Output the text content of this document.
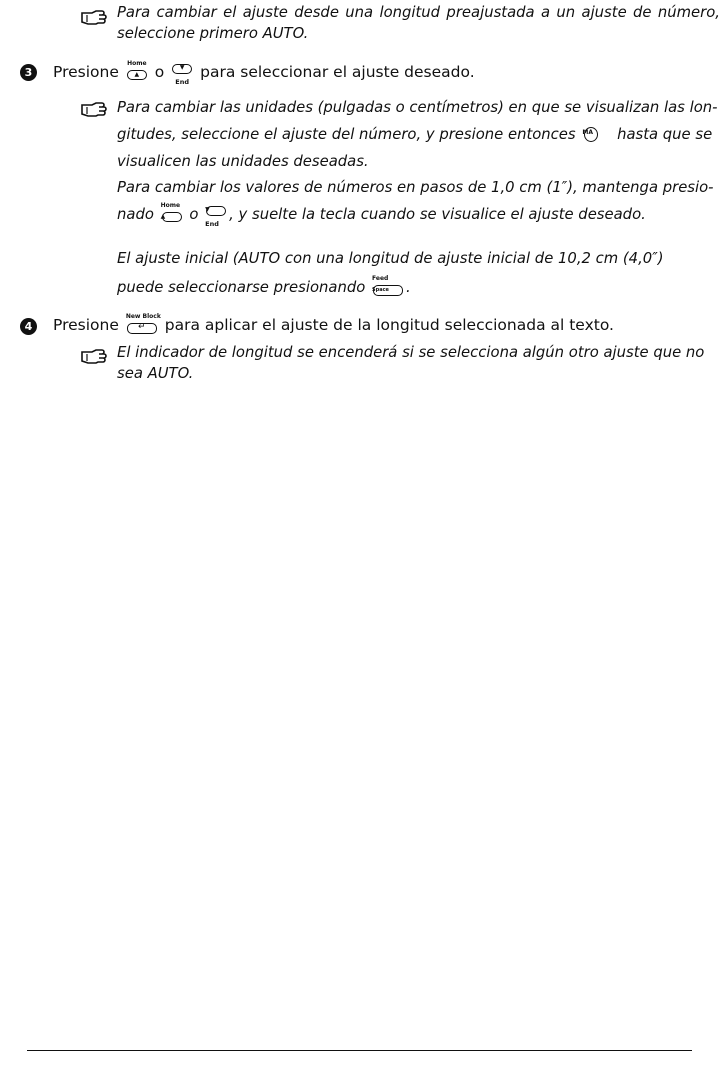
Para cambiar el ajuste desde una longitud preajustada a un ajuste de número, seleccione primero AUTO.
3	Presione Home
▲	o	▼
End
para seleccionar el ajuste deseado.
Para cambiar las unidades (pulgadas o centímetros) en que se visualizan las lon-
gitudes, seleccione el ajuste del número, y presione entonces MA	hasta que se
visualicen las unidades deseadas.
Para cambiar los valores de números en pasos de 1,0 cm (1″), mantenga presio-
nado
Home
▲	o ▼
End
, y suelte la tecla cuando se visualice el ajuste deseado.
El ajuste inicial (AUTO con una longitud de ajuste inicial de 10,2 cm (4,0″)
puede seleccionarse presionando
Feed
Space	.
4	Presione New Block
↵	para aplicar el ajuste de la longitud seleccionada al texto.
El indicador de longitud se encenderá si se selecciona algún otro ajuste que no
sea AUTO.
